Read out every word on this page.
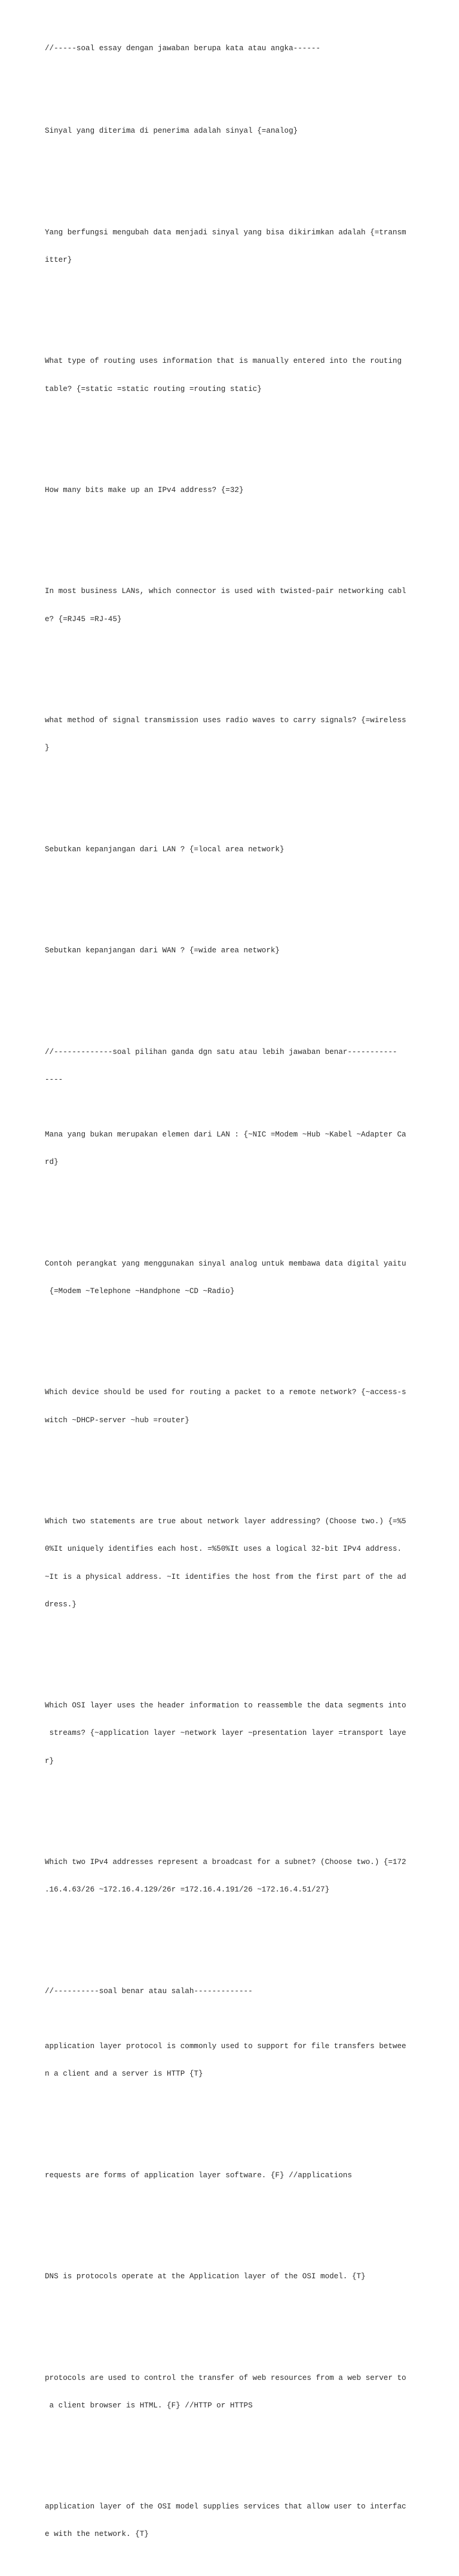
//-----soal essay dengan jawaban berupa kata atau angka------

Sinyal yang diterima di penerima adalah sinyal {=analog}

Yang berfungsi mengubah data menjadi sinyal yang bisa dikirimkan adalah {=transm

itter}

What type of routing uses information that is manually entered into the routing

table? {=static =static routing =routing static}

How many bits make up an IPv4 address? {=32}

In most business LANs, which connector is used with twisted-pair networking cabl

e? {=RJ45 =RJ-45}

what method of signal transmission uses radio waves to carry signals? {=wireless

}

Sebutkan kepanjangan dari LAN ? {=local area network}

Sebutkan kepanjangan dari WAN ? {=wide area network}

//-------------soal pilihan ganda dgn satu atau lebih jawaban benar-----------

----

Mana yang bukan merupakan elemen dari LAN : {~NIC =Modem ~Hub ~Kabel ~Adapter Ca

rd}

Contoh perangkat yang menggunakan sinyal analog untuk membawa data digital yaitu

{=Modem ~Telephone ~Handphone ~CD ~Radio}

Which device should be used for routing a packet to a remote network? {~access-s

witch ~DHCP-server ~hub =router}

Which two statements are true about network layer addressing? (Choose two.) {=%5

0%It uniquely identifies each host. =%50%It uses a logical 32-bit IPv4 address.

~It is a physical address. ~It identifies the host from the first part of the ad

dress.}

Which OSI layer uses the header information to reassemble the data segments into

streams? {~application layer ~network layer ~presentation layer =transport laye

r}

Which two IPv4 addresses represent a broadcast for a subnet? (Choose two.) {=172

.16.4.63/26 ~172.16.4.129/26r =172.16.4.191/26 ~172.16.4.51/27}

//----------soal benar atau salah-------------

application layer protocol is commonly used to support for file transfers betwee

n a client and a server is HTTP {T}

requests are forms of application layer software. {F} //applications

DNS is protocols operate at the Application layer of the OSI model. {T}

protocols are used to control the transfer of web resources from a web server to

a client browser is HTML. {F} //HTTP or HTTPS

application layer of the OSI model supplies services that allow user to interfac

e with the network. {T}
